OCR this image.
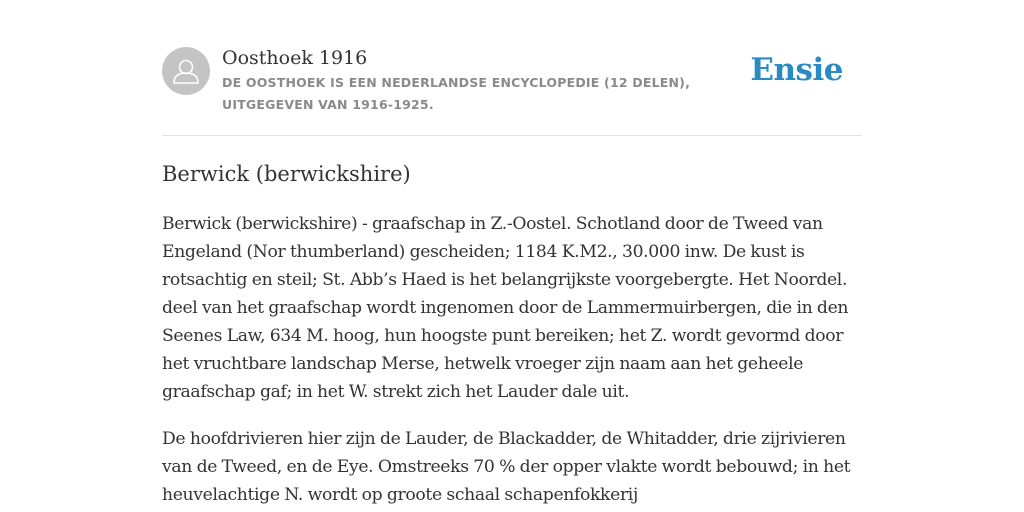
Oosthoek 1916

DE OOSTHOEK IS EEN NEDERLANDSE ENCYCLOPEDIE (12 DELEN), UITGEGEVEN VAN 1916-1925.
Ensie
Berwick (berwickshire)

Berwick (berwickshire) - graafschap in Z.-Oostel. Schotland door de Tweed van Engeland (Nor thumberland) gescheiden; 1184 K.M2., 30.000 inw. De kust is rotsachtig en steil; St. Abb’s Haed is het belangrijkste voorgebergte. Het Noordel. deel van het graafschap wordt ingenomen door de Lammermuirbergen, die in den Seenes Law, 634 M. hoog, hun hoogste punt bereiken; het Z. wordt gevormd door het vruchtbare landschap Merse, hetwelk vroeger zijn naam aan het geheele graafschap gaf; in het W. strekt zich het Lauder dale uit.

De hoofdrivieren hier zijn de Lauder, de Blackadder, de Whitadder, drie zijrivieren van de Tweed, en de Eye. Omstreeks 70 % der opper vlakte wordt bebouwd; in het heuvelachtige N. wordt op groote schaal schapenfokkerij
